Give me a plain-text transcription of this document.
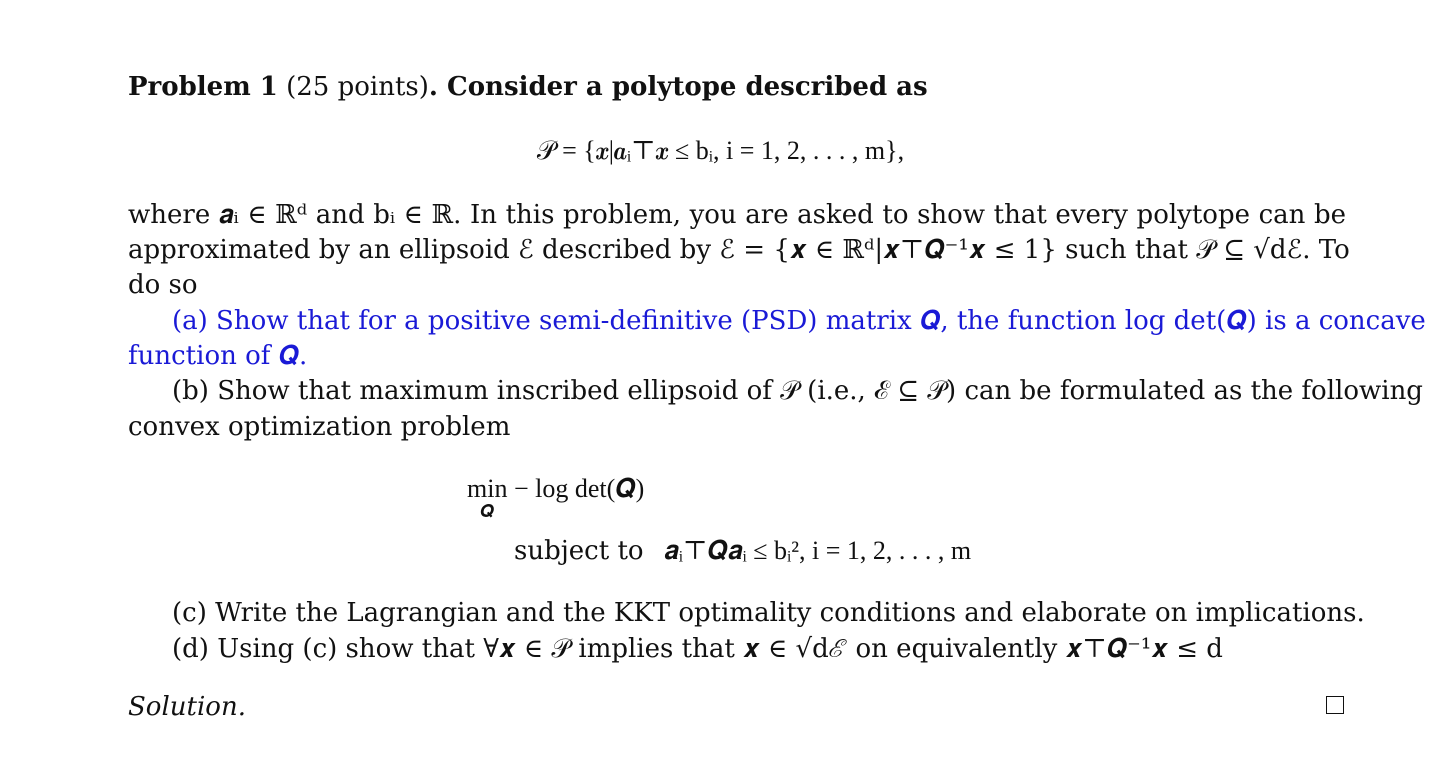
Problem 1 (25 points). Consider a polytope described as
𝒫 = {𝒙|𝒂ᵢ⊤𝒙 ≤ bᵢ, i = 1, 2, . . . , m},
where 𝒂ᵢ ∈ ℝᵈ and bᵢ ∈ ℝ. In this problem, you are asked to show that every polytope can be
approximated by an ellipsoid ℰ described by ℰ = {𝒙 ∈ ℝᵈ|𝒙⊤𝑸⁻¹𝒙 ≤ 1} such that 𝒫 ⊆ √dℰ. To
do so
(a) Show that for a positive semi-definitive (PSD) matrix 𝑸, the function log det(𝑸) is a concave
function of 𝑸.
(b) Show that maximum inscribed ellipsoid of 𝒫 (i.e., ℰ ⊆ 𝒫) can be formulated as the following
convex optimization problem
min − log det(𝑸)
𝑸
subject to 𝒂ᵢ⊤𝑸𝒂ᵢ ≤ bᵢ², i = 1, 2, . . . , m
(c) Write the Lagrangian and the KKT optimality conditions and elaborate on implications.
(d) Using (c) show that ∀𝒙 ∈ 𝒫 implies that 𝒙 ∈ √dℰ on equivalently 𝒙⊤𝑸⁻¹𝒙 ≤ d
Solution.
